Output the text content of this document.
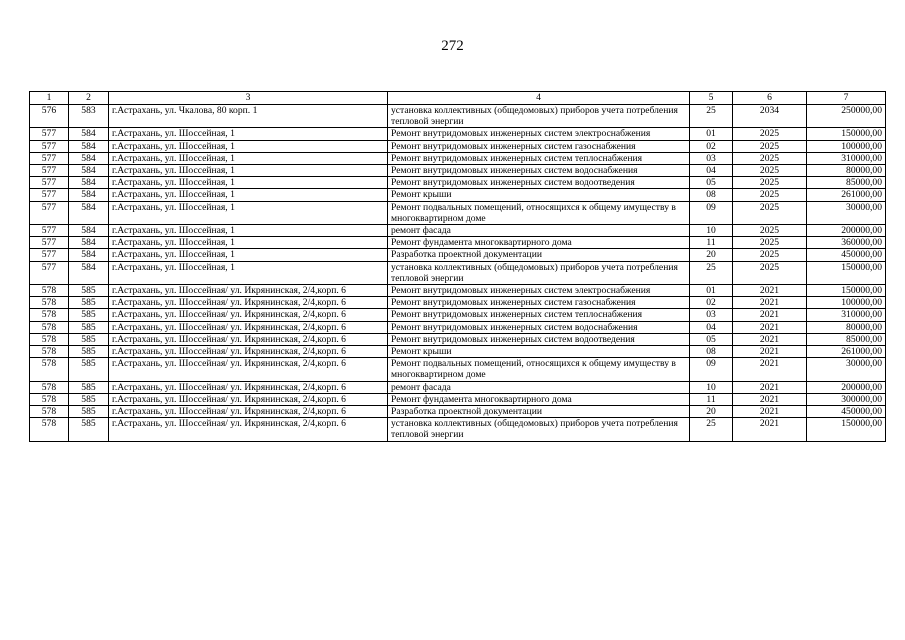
272
1	2	3	4	5	6	7
576	583	г.Астрахань, ул. Чкалова, 80 корп. 1	установка коллективных (общедомовых) приборов учета потребления тепловой энергии	25	2034	250000,00
577	584	г.Астрахань, ул. Шоссейная, 1	Ремонт внутридомовых инженерных систем электроснабжения	01	2025	150000,00
577	584	г.Астрахань, ул. Шоссейная, 1	Ремонт внутридомовых инженерных систем газоснабжения	02	2025	100000,00
577	584	г.Астрахань, ул. Шоссейная, 1	Ремонт внутридомовых инженерных систем теплоснабжения	03	2025	310000,00
577	584	г.Астрахань, ул. Шоссейная, 1	Ремонт внутридомовых инженерных систем водоснабжения	04	2025	80000,00
577	584	г.Астрахань, ул. Шоссейная, 1	Ремонт внутридомовых инженерных систем водоотведения	05	2025	85000,00
577	584	г.Астрахань, ул. Шоссейная, 1	Ремонт крыши	08	2025	261000,00
577	584	г.Астрахань, ул. Шоссейная, 1	Ремонт подвальных помещений, относящихся к общему имуществу в многоквартирном доме	09	2025	30000,00
577	584	г.Астрахань, ул. Шоссейная, 1	ремонт фасада	10	2025	200000,00
577	584	г.Астрахань, ул. Шоссейная, 1	Ремонт фундамента многоквартирного дома	11	2025	360000,00
577	584	г.Астрахань, ул. Шоссейная, 1	Разработка проектной документации	20	2025	450000,00
577	584	г.Астрахань, ул. Шоссейная, 1	установка коллективных (общедомовых) приборов учета потребления тепловой энергии	25	2025	150000,00
578	585	г.Астрахань, ул. Шоссейная/ ул. Икрянинская, 2/4,корп. 6	Ремонт внутридомовых инженерных систем электроснабжения	01	2021	150000,00
578	585	г.Астрахань, ул. Шоссейная/ ул. Икрянинская, 2/4,корп. 6	Ремонт внутридомовых инженерных систем газоснабжения	02	2021	100000,00
578	585	г.Астрахань, ул. Шоссейная/ ул. Икрянинская, 2/4,корп. 6	Ремонт внутридомовых инженерных систем теплоснабжения	03	2021	310000,00
578	585	г.Астрахань, ул. Шоссейная/ ул. Икрянинская, 2/4,корп. 6	Ремонт внутридомовых инженерных систем водоснабжения	04	2021	80000,00
578	585	г.Астрахань, ул. Шоссейная/ ул. Икрянинская, 2/4,корп. 6	Ремонт внутридомовых инженерных систем водоотведения	05	2021	85000,00
578	585	г.Астрахань, ул. Шоссейная/ ул. Икрянинская, 2/4,корп. 6	Ремонт крыши	08	2021	261000,00
578	585	г.Астрахань, ул. Шоссейная/ ул. Икрянинская, 2/4,корп. 6	Ремонт подвальных помещений, относящихся к общему имуществу в многоквартирном доме	09	2021	30000,00
578	585	г.Астрахань, ул. Шоссейная/ ул. Икрянинская, 2/4,корп. 6	ремонт фасада	10	2021	200000,00
578	585	г.Астрахань, ул. Шоссейная/ ул. Икрянинская, 2/4,корп. 6	Ремонт фундамента многоквартирного дома	11	2021	300000,00
578	585	г.Астрахань, ул. Шоссейная/ ул. Икрянинская, 2/4,корп. 6	Разработка проектной документации	20	2021	450000,00
578	585	г.Астрахань, ул. Шоссейная/ ул. Икрянинская, 2/4,корп. 6	установка коллективных (общедомовых) приборов учета потребления тепловой энергии	25	2021	150000,00
